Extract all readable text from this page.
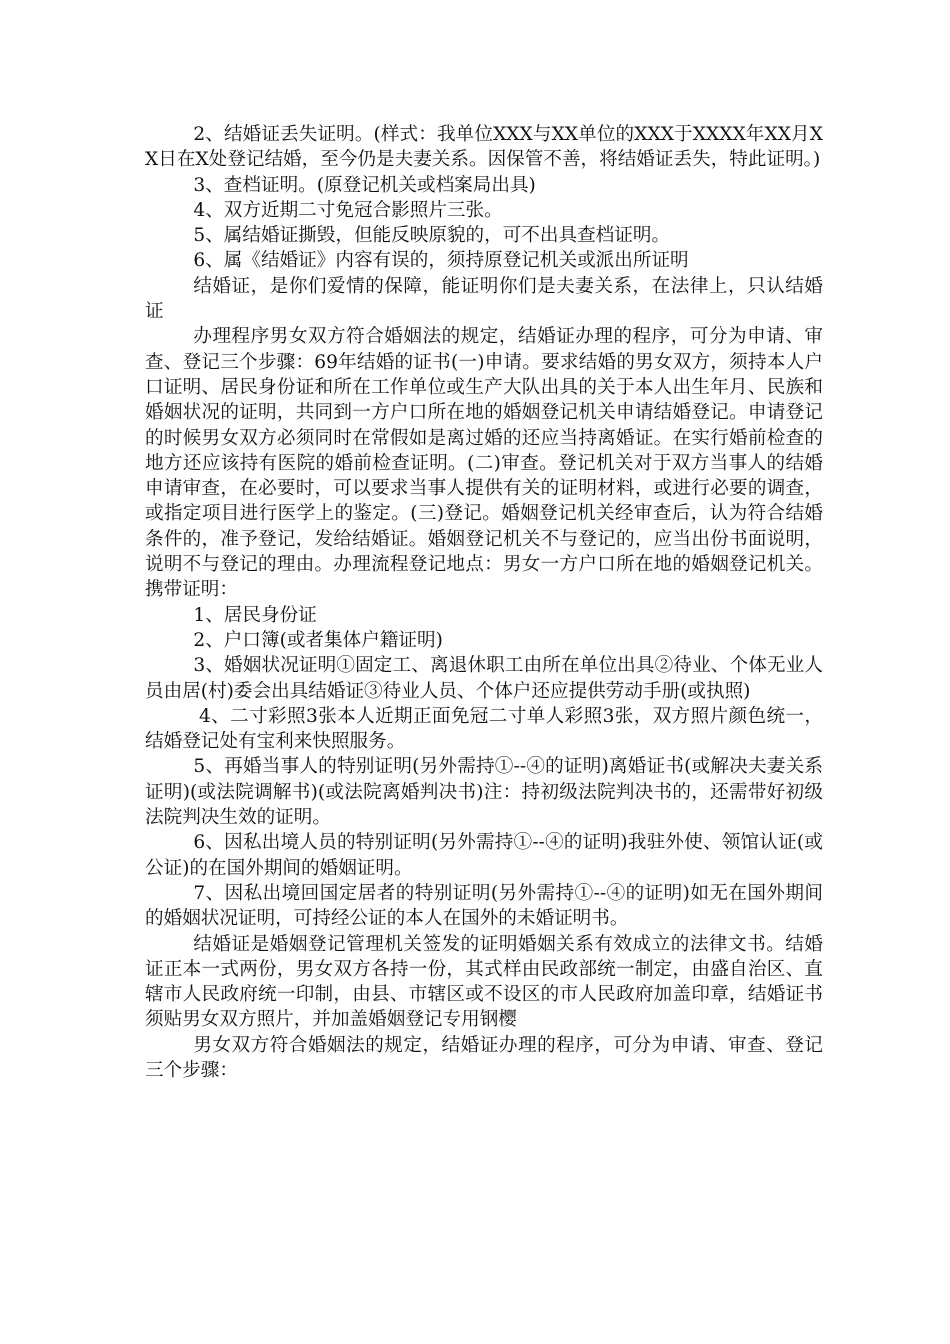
2、结婚证丢失证明。(样式：我单位XXX与XX单位的XXX于XXXX年XX月XX日在X处登记结婚，至今仍是夫妻关系。因保管不善，将结婚证丢失，特此证明。)

3、查档证明。(原登记机关或档案局出具)

4、双方近期二寸免冠合影照片三张。

5、属结婚证撕毁，但能反映原貌的，可不出具查档证明。

6、属《结婚证》内容有误的，须持原登记机关或派出所证明

结婚证，是你们爱情的保障，能证明你们是夫妻关系，在法律上，只认结婚证

办理程序男女双方符合婚姻法的规定，结婚证办理的程序，可分为申请、审查、登记三个步骤：69年结婚的证书(一)申请。要求结婚的男女双方，须持本人户口证明、居民身份证和所在工作单位或生产大队出具的关于本人出生年月、民族和婚姻状况的证明，共同到一方户口所在地的婚姻登记机关申请结婚登记。申请登记的时候男女双方必须同时在常假如是离过婚的还应当持离婚证。在实行婚前检查的地方还应该持有医院的婚前检查证明。(二)审查。登记机关对于双方当事人的结婚申请审查，在必要时，可以要求当事人提供有关的证明材料，或进行必要的调查，或指定项目进行医学上的鉴定。(三)登记。婚姻登记机关经审查后，认为符合结婚条件的，准予登记，发给结婚证。婚姻登记机关不与登记的，应当出份书面说明，说明不与登记的理由。办理流程登记地点：男女一方户口所在地的婚姻登记机关。携带证明：

1、居民身份证

2、户口簿(或者集体户籍证明)

3、婚姻状况证明①固定工、离退休职工由所在单位出具②待业、个体无业人员由居(村)委会出具结婚证③待业人员、个体户还应提供劳动手册(或执照)

4、二寸彩照3张本人近期正面免冠二寸单人彩照3张，双方照片颜色统一，结婚登记处有宝利来快照服务。

5、再婚当事人的特别证明(另外需持①--④的证明)离婚证书(或解决夫妻关系证明)(或法院调解书)(或法院离婚判决书)注：持初级法院判决书的，还需带好初级法院判决生效的证明。

6、因私出境人员的特别证明(另外需持①--④的证明)我驻外使、领馆认证(或公证)的在国外期间的婚姻证明。

7、因私出境回国定居者的特别证明(另外需持①--④的证明)如无在国外期间的婚姻状况证明，可持经公证的本人在国外的未婚证明书。

结婚证是婚姻登记管理机关签发的证明婚姻关系有效成立的法律文书。结婚证正本一式两份，男女双方各持一份，其式样由民政部统一制定，由盛自治区、直辖市人民政府统一印制，由县、市辖区或不设区的市人民政府加盖印章，结婚证书须贴男女双方照片，并加盖婚姻登记专用钢樱

男女双方符合婚姻法的规定，结婚证办理的程序，可分为申请、审查、登记三个步骤：
